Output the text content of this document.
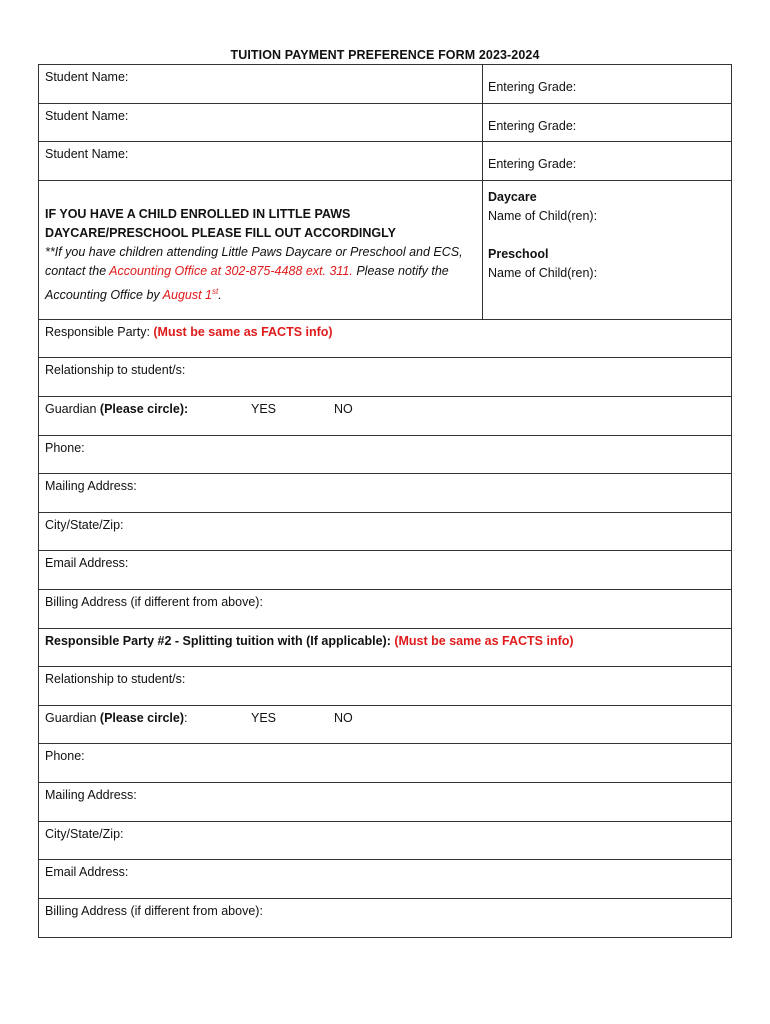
TUITION PAYMENT PREFERENCE FORM 2023-2024
Student Name:
Entering Grade:
Student Name:
Entering Grade:
Student Name:
Entering Grade:
IF YOU HAVE A CHILD ENROLLED IN LITTLE PAWS
DAYCARE/PRESCHOOL PLEASE FILL OUT ACCORDINGLY
**If you have children attending Little Paws Daycare or Preschool and ECS, contact the Accounting Office at 302-875-4488 ext. 311. Please notify the Accounting Office by August 1st.
Daycare
Name of Child(ren):
Preschool
Name of Child(ren):
Responsible Party: (Must be same as FACTS info)
Relationship to student/s:
Guardian (Please circle):	YES	NO
Phone:
Mailing Address:
City/State/Zip:
Email Address:
Billing Address (if different from above):
Responsible Party #2 - Splitting tuition with (If applicable): (Must be same as FACTS info)
Relationship to student/s:
Guardian (Please circle):	YES	NO
Phone:
Mailing Address:
City/State/Zip:
Email Address:
Billing Address (if different from above):
